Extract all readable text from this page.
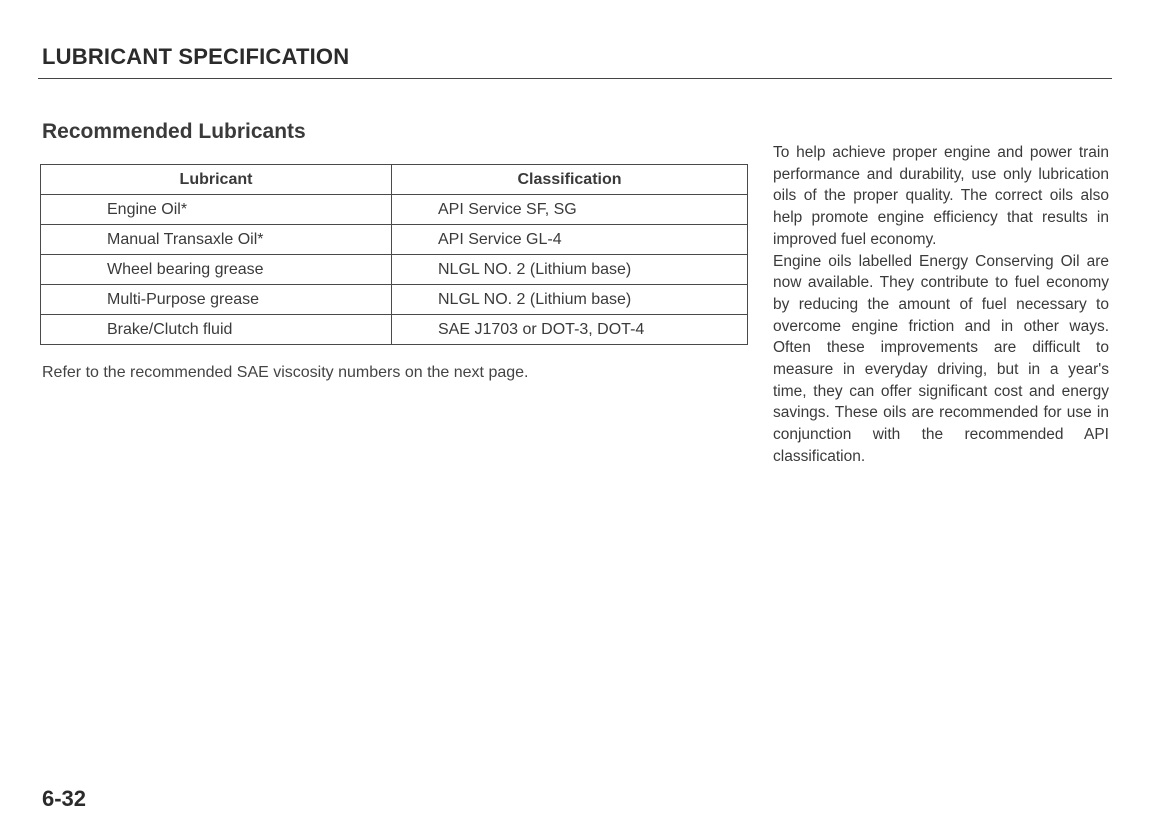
LUBRICANT SPECIFICATION
Recommended Lubricants
Lubricant	Classification
Engine Oil*	API Service SF, SG
Manual Transaxle Oil*	API Service GL-4
Wheel bearing grease	NLGL NO. 2 (Lithium base)
Multi-Purpose grease	NLGL NO. 2 (Lithium base)
Brake/Clutch fluid	SAE J1703 or DOT-3, DOT-4

Refer to the recommended SAE viscosity numbers on the next page.

To help achieve proper engine and power train performance and durability, use only lubrication oils of the proper quality. The correct oils also help promote engine efficiency that results in improved fuel economy.

Engine oils labelled Energy Conserving Oil are now available. They contribute to fuel economy by reducing the amount of fuel necessary to overcome engine friction and in other ways. Often these improvements are difficult to measure in everyday driving, but in a year's time, they can offer significant cost and energy savings. These oils are recommended for use in conjunction with the recommended API classification.

6-32
